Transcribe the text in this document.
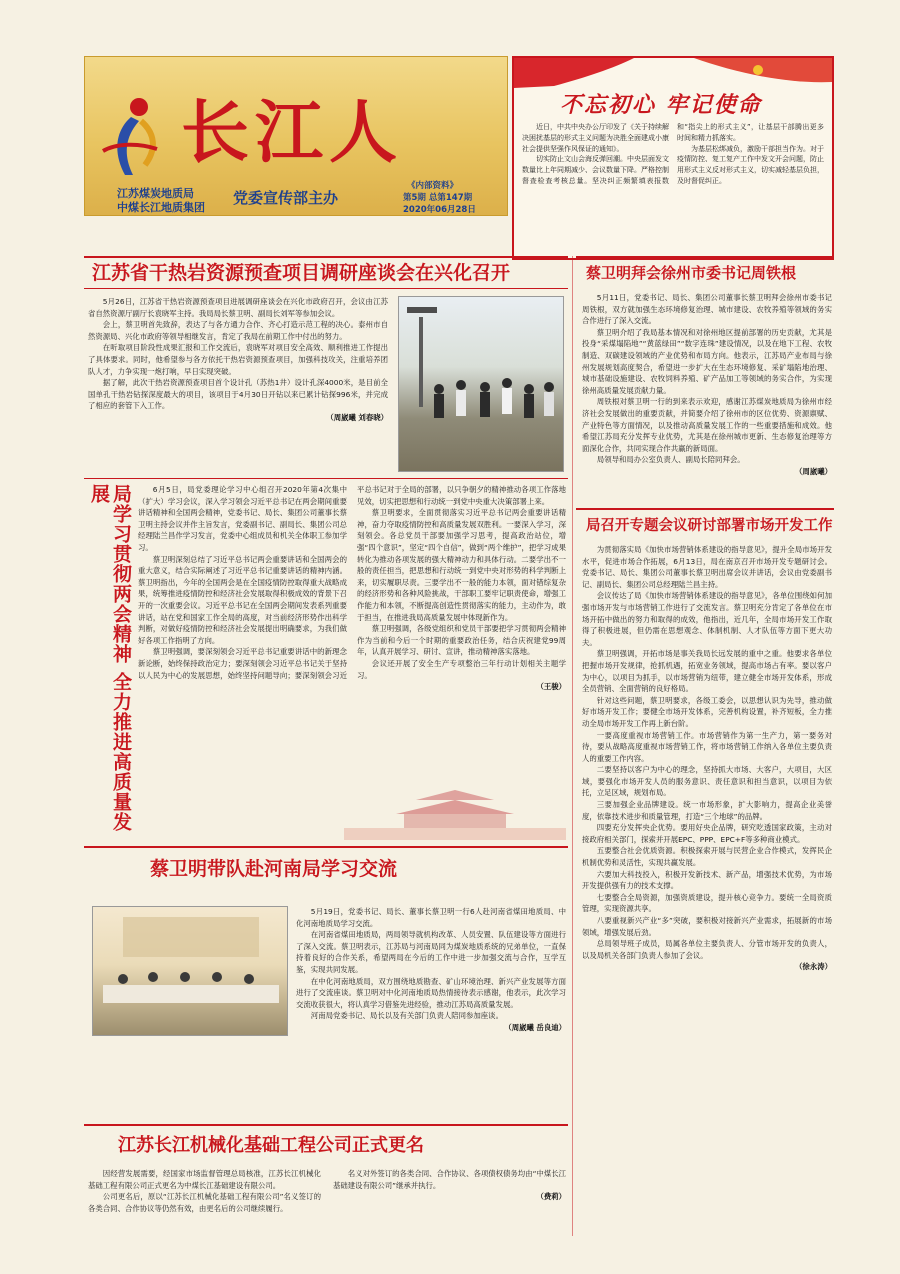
长江人
江苏煤炭地质局
中煤长江地质集团
党委宣传部主办
《内部资料》
第5期 总第147期
2020年06月28日
不忘初心 牢记使命

近日，中共中央办公厅印发了《关于持续解决困扰基层的形式主义问题为决胜全面建成小康社会提供坚强作风保证的通知》。

切实防止文山会海反弹回潮。中央层面发文数量比上年同期减少、会议数量下降。严格控制督查检查考核总量。坚决纠正频繁填表报数和“指尖上的形式主义”，让基层干部腾出更多时间和精力抓落实。

为基层松绑减负，激励干部担当作为。对于疫情防控、复工复产工作中发文开会问题，防止用形式主义反对形式主义，切实减轻基层负担，及时督促纠正。

江苏省干热岩资源预查项目调研座谈会在兴化召开

5月26日，江苏省干热岩资源预查项目进展调研座谈会在兴化市政府召开，会议由江苏省自然资源厅副厅长袁晓军主持。我局局长蔡卫明、副局长刘军等参加会议。

会上，蔡卫明首先致辞，表达了与各方通力合作、齐心打造示范工程的决心。泰州市自然资源局、兴化市政府等领导相继发言，肯定了我局在前期工作中付出的努力。

在听取项目阶段性成果汇报和工作交流后，袁晓军对项目安全高效、顺利推进工作提出了具体要求。同时，他希望参与各方依托干热岩资源预查项目，加强科技攻关，注重培养团队人才，力争实现一炮打响，早日实现突破。

据了解，此次干热岩资源预查项目首个设计孔（苏热1井）设计孔深4000米，是目前全国单孔干热岩钻探深度最大的项目，该项目于4月30日开钻以来已累计钻探996米，并完成了相应的套管下入工作。

（周崴曦 刘春晓）

局学习贯彻两会精神 全力推进高质量发展	6月5日，局党委理论学习中心组召开2020年第4次集中（扩大）学习会议，深入学习领会习近平总书记在两会期间重要讲话精神和全国两会精神，党委书记、局长、集团公司董事长蔡卫明主持会议并作主旨发言，党委副书记、副局长、集团公司总经理陆兰昌作学习发言，党委中心组成员和机关全体职工参加学习。

蔡卫明深刻总结了习近平总书记两会重要讲话和全国两会的重大意义，结合实际阐述了习近平总书记重要讲话的精神内涵。蔡卫明指出，今年的全国两会是在全国疫情防控取得重大战略成果，统筹推进疫情防控和经济社会发展取得积极成效的背景下召开的一次重要会议。习近平总书记在全国两会期间发表系列重要讲话，站在党和国家工作全局的高度，对当前经济形势作出科学判断，对做好疫情防控和经济社会发展提出明确要求，为我们做好各项工作指明了方向。

蔡卫明强调，要深刻领会习近平总书记重要讲话中的新理念新论断，始终保持政治定力；要深刻领会习近平总书记关于坚持以人民为中心的发展思想，始终坚持问题导向；要深刻领会习近平总书记对于全局的部署，以只争朝夕的精神推动各项工作落地见效，切实把思想和行动统一到党中央重大决策部署上来。

蔡卫明要求，全面贯彻落实习近平总书记两会重要讲话精神，奋力夺取疫情防控和高质量发展双胜利。一要深入学习，深刻领会。各总党员干部要加强学习思考，提高政治站位，增强“四个意识”，坚定“四个自信”，做到“两个维护”，把学习成果转化为推动各项发展的强大精神动力和具体行动。二要学出不一般的责任担当，把思想和行动统一到党中央对形势的科学判断上来，切实履职尽责。三要学出不一般的能力本领，面对错综复杂的经济形势和各种风险挑战，干部职工要牢记职责使命，增强工作能力和本领，不断提高创造性贯彻落实的能力，主动作为，敢于担当，在推进我局高质量发展中体现新作为。

蔡卫明强调，各级党组织和党员干部要把学习贯彻两会精神作为当前和今后一个时期的重要政治任务，结合庆祝建党99周年，认真开展学习、研讨、宣讲，推动精神落实落地。

会议还开展了安全生产专项整治三年行动计划相关主题学习。

（王骏）

蔡卫明带队赴河南局学习交流

5月19日，党委书记、局长、董事长蔡卫明一行6人赴河南省煤田地质局、中化河南地质局学习交流。

在河南省煤田地质局，两局领导就机构改革、人员安置、队伍建设等方面进行了深入交流。蔡卫明表示，江苏局与河南局同为煤炭地质系统的兄弟单位，一直保持着良好的合作关系，希望两局在今后的工作中进一步加强交流与合作，互学互鉴，实现共同发展。

在中化河南地质局，双方围绕地质勘查、矿山环境治理、新兴产业发展等方面进行了交流座谈。蔡卫明对中化河南地质局热情接待表示感谢，他表示，此次学习交流收获很大，将认真学习借鉴先进经验，推动江苏局高质量发展。

河南局党委书记、局长以及有关部门负责人陪同参加座谈。

（周崴曦 岳良迪）

江苏长江机械化基础工程公司正式更名

因经营发展需要，经国家市场监督管理总局核准，江苏长江机械化基础工程有限公司正式更名为中煤长江基础建设有限公司。

公司更名后，原以“江苏长江机械化基础工程有限公司”名义签订的各类合同、合作协议等仍然有效，由更名后的公司继续履行。

名义对外签订的各类合同、合作协议、各项债权债务均由“中煤长江基础建设有限公司”继承并执行。

（费莉）

蔡卫明拜会徐州市委书记周铁根

5月11日，党委书记、局长、集团公司董事长蔡卫明拜会徐州市委书记周铁根，双方就加强生态环境修复治理、城市建设、农牧养殖等领域的务实合作进行了深入交流。

蔡卫明介绍了我局基本情况和对徐州地区提前部署的历史贡献，尤其是投身“采煤塌陷地”“黄蓝绿田”“数字连珠”建设情况，以及在地下工程、农牧制造、双碳建设领域的产业优势和布局方向。他表示，江苏局产业布局与徐州发展规划高度契合，希望进一步扩大在生态环境修复、采矿塌陷地治理、城市基础设施建设、农牧饲料养殖、矿产品加工等领域的务实合作，为实现徐州高质量发展贡献力量。

周铁根对蔡卫明一行的到来表示欢迎，感谢江苏煤炭地质局为徐州市经济社会发展做出的重要贡献，并简要介绍了徐州市的区位优势、资源禀赋、产业特色等方面情况，以及推动高质量发展工作的一些重要措施和成效。他希望江苏局充分发挥专业优势，尤其是在徐州城市更新、生态修复治理等方面深化合作，共同实现合作共赢的新局面。

局领导和局办公室负责人、副局长陪同拜会。

（周崴曦）

局召开专题会议研讨部署市场开发工作

为贯彻落实局《加快市场营销体系建设的指导意见》，提升全局市场开发水平，促进市场合作拓展，6月13日，局在南京召开市场开发专题研讨会。党委书记、局长、集团公司董事长蔡卫明出席会议并讲话，会议由党委副书记、副局长、集团公司总经理陆兰昌主持。

会议传达了局《加快市场营销体系建设的指导意见》，各单位围绕如何加强市场开发与市场营销工作进行了交流发言。蔡卫明充分肯定了各单位在市场开拓中做出的努力和取得的成效，他指出，近几年，全局市场开发工作取得了积极进展，但仍需在思想观念、体制机制、人才队伍等方面下更大功夫。

蔡卫明强调，开拓市场是事关我局长远发展的重中之重。他要求各单位把握市场开发规律，抢抓机遇，拓宽业务领域，提高市场占有率。要以客户为中心，以项目为抓手，以市场营销为纽带，建立健全市场开发体系，形成全员营销、全面营销的良好格局。

针对这些问题，蔡卫明要求，各级工委会，以思想认识为先导，推动做好市场开发工作；要健全市场开发体系，完善机构设置，补齐短板，全力推动全局市场开发工作再上新台阶。

一要高度重视市场营销工作。市场营销作为第一生产力，第一要务对待，要从战略高度重视市场营销工作，将市场营销工作纳入各单位主要负责人的重要工作内容。

二要坚持以客户为中心的理念，坚持抓大市场、大客户，大项目，大区域，要强化市场开发人员的服务意识、责任意识和担当意识，以项目为依托，立足区域，规划布局。

三要加强企业品牌建设。统一市场形象，扩大影响力，提高企业美誉度，依靠技术进步和质量管理，打造“三个地球”的品牌。

四要充分发挥央企优势。要用好央企品牌，研究吃透国家政策，主动对接政府相关部门，探索并开展EPC、PPP、EPC+F等多种商业模式。

五要整合社会优质资源。积极探索开展与民营企业合作模式，发挥民企机制优势和灵活性，实现共赢发展。

六要加大科技投入，积极开发新技术、新产品，增强技术优势，为市场开发提供强有力的技术支撑。

七要整合全局资源，加强资质建设，提升核心竞争力。要统一全局资质管理，实现资源共享。

八要重视新兴产业“多”突破，要积极对接新兴产业需求，拓展新的市场领域，增强发展后劲。

总局领导班子成员，局属各单位主要负责人、分管市场开发的负责人，以及局机关各部门负责人参加了会议。

（徐永涛）
